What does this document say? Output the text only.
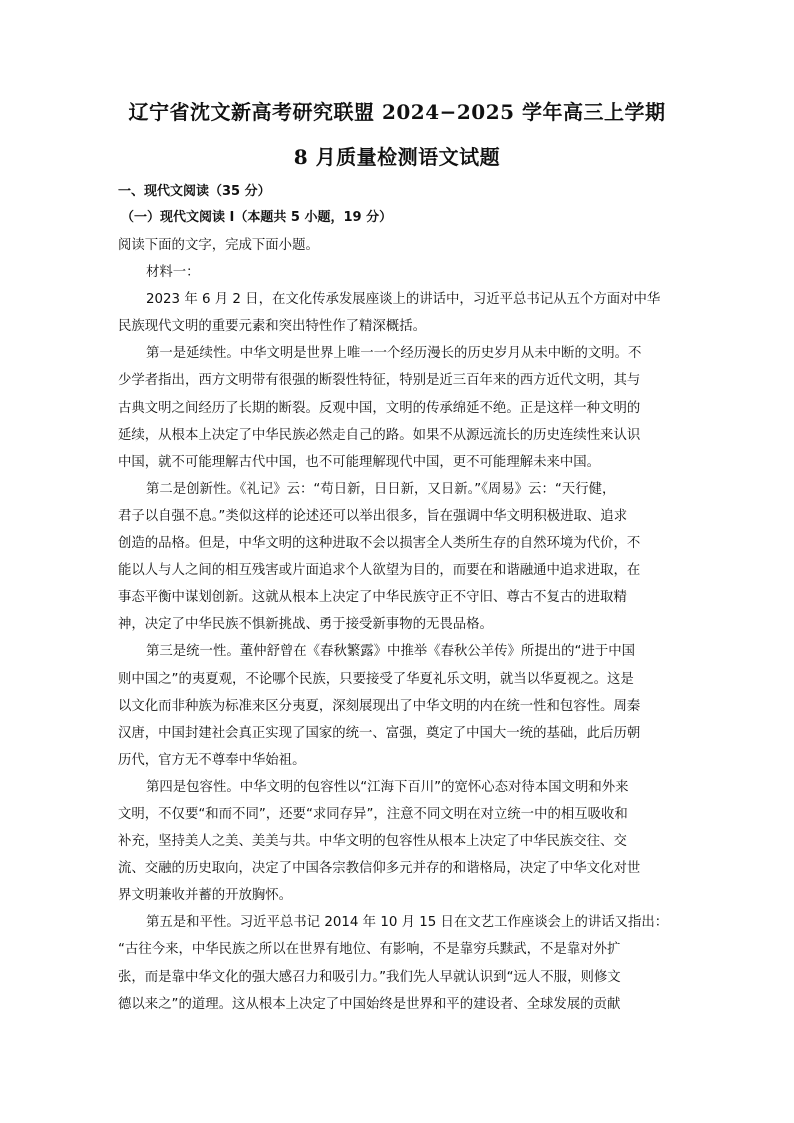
辽宁省沈文新高考研究联盟 2024−2025 学年高三上学期
8 月质量检测语文试题
一、现代文阅读（35 分）
（一）现代文阅读 I（本题共 5 小题，19 分）
阅读下面的文字，完成下面小题。
材料一：
2023 年 6 月 2 日，在文化传承发展座谈上的讲话中，习近平总书记从五个方面对中华
民族现代文明的重要元素和突出特性作了精深概括。
第一是延续性。中华文明是世界上唯一一个经历漫长的历史岁月从未中断的文明。不
少学者指出，西方文明带有很强的断裂性特征，特别是近三百年来的西方近代文明，其与
古典文明之间经历了长期的断裂。反观中国，文明的传承绵延不绝。正是这样一种文明的
延续，从根本上决定了中华民族必然走自己的路。如果不从源远流长的历史连续性来认识
中国，就不可能理解古代中国，也不可能理解现代中国，更不可能理解未来中国。
第二是创新性。《礼记》云：“苟日新，日日新，又日新。”《周易》云：“天行健，
君子以自强不息。”类似这样的论述还可以举出很多，旨在强调中华文明积极进取、追求
创造的品格。但是，中华文明的这种进取不会以损害全人类所生存的自然环境为代价，不
能以人与人之间的相互残害或片面追求个人欲望为目的，而要在和谐融通中追求进取，在
事态平衡中谋划创新。这就从根本上决定了中华民族守正不守旧、尊古不复古的进取精
神，决定了中华民族不惧新挑战、勇于接受新事物的无畏品格。
第三是统一性。董仲舒曾在《春秋繁露》中推举《春秋公羊传》所提出的“进于中国
则中国之”的夷夏观，不论哪个民族，只要接受了华夏礼乐文明，就当以华夏视之。这是
以文化而非种族为标准来区分夷夏，深刻展现出了中华文明的内在统一性和包容性。周秦
汉唐，中国封建社会真正实现了国家的统一、富强，奠定了中国大一统的基础，此后历朝
历代，官方无不尊奉中华始祖。
第四是包容性。中华文明的包容性以“江海下百川”的宽怀心态对待本国文明和外来
文明，不仅要“和而不同”，还要“求同存异”，注意不同文明在对立统一中的相互吸收和
补充，坚持美人之美、美美与共。中华文明的包容性从根本上决定了中华民族交往、交
流、交融的历史取向，决定了中国各宗教信仰多元并存的和谐格局，决定了中华文化对世
界文明兼收并蓄的开放胸怀。
第五是和平性。习近平总书记 2014 年 10 月 15 日在文艺工作座谈会上的讲话又指出：
“古往今来，中华民族之所以在世界有地位、有影响，不是靠穷兵黩武，不是靠对外扩
张，而是靠中华文化的强大感召力和吸引力。”我们先人早就认识到“远人不服，则修文
德以来之”的道理。这从根本上决定了中国始终是世界和平的建设者、全球发展的贡献
